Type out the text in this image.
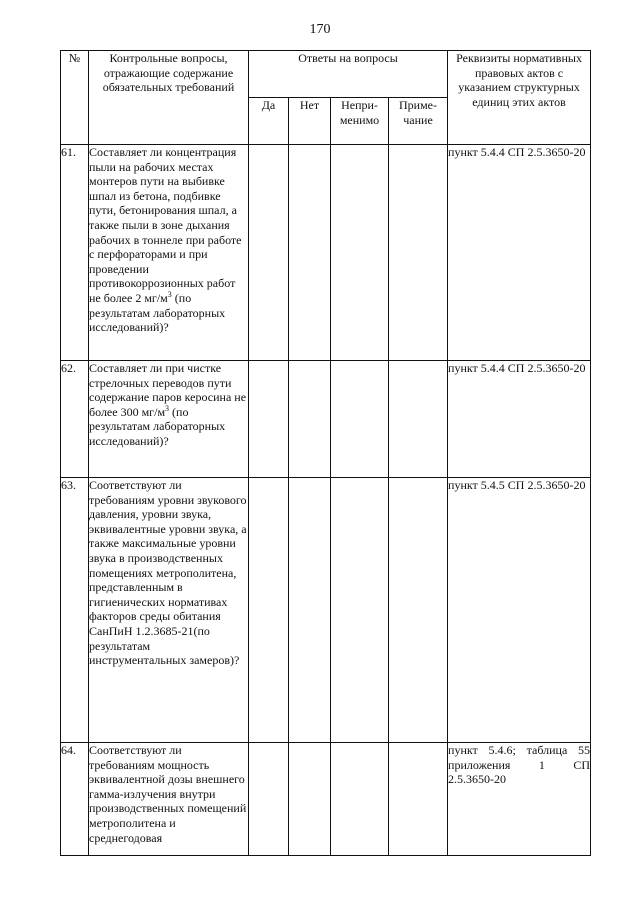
170
№	Контрольные вопросы, отражающие содержание обязательных требований	Ответы на вопросы				Реквизиты нормативных правовых актов с указанием структурных единиц этих актов
		Да	Нет	Непри- менимо	Приме- чание	
61.	Составляет ли концентрация пыли на рабочих местах монтеров пути на выбивке шпал из бетона, подбивке пути, бетонирования шпал, а также пыли в зоне дыхания рабочих в тоннеле при работе с перфораторами и при проведении противокоррозионных работ не более 2 $мг/м^3$ (по результатам лабораторных исследований)?					пункт 5.4.4 СП 2.5.3650-20
62.	Составляет ли при чистке стрелочных переводов пути содержание паров керосина не более 300 $мг/м^3$ (по результатам лабораторных исследований)?					пункт 5.4.4 СП 2.5.3650-20
63.	Соответствуют ли требованиям уровни звукового давления, уровни звука, эквивалентные уровни звука, а также максимальные уровни звука в производственных помещениях метрополитена, представленным в гигиенических нормативах факторов среды обитания СанПиН 1.2.3685-21(по результатам инструментальных замеров)?					пункт 5.4.5 СП 2.5.3650-20
64.	Соответствуют ли требованиям мощность эквивалентной дозы внешнего гамма-излучения внутри производственных помещений метрополитена и среднегодовая					пункт 5.4.6; таблица 55 приложения 1 СП
2.5.3650-20
